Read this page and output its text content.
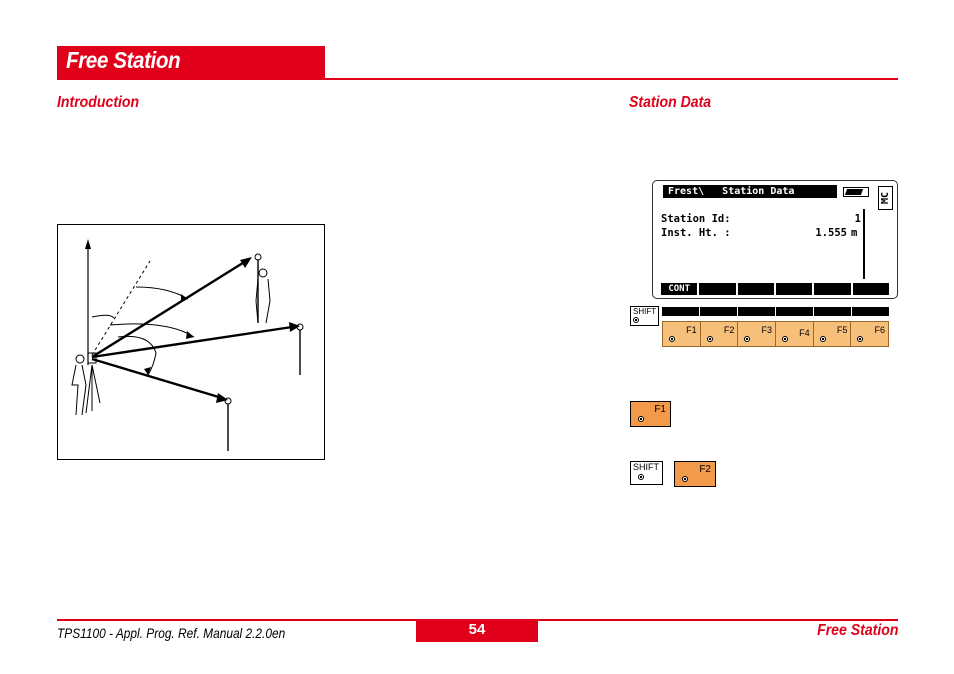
Free Station
Introduction	Station Data
Frest\   Station Data
MC
Station Id:	1
Inst. Ht. :	1.555 m
CONT
SHIFT
F1	F2	F3	F4	F5	F6
F1
SHIFT	F2
TPS1100 - Appl. Prog. Ref. Manual 2.2.0en	54	Free Station
